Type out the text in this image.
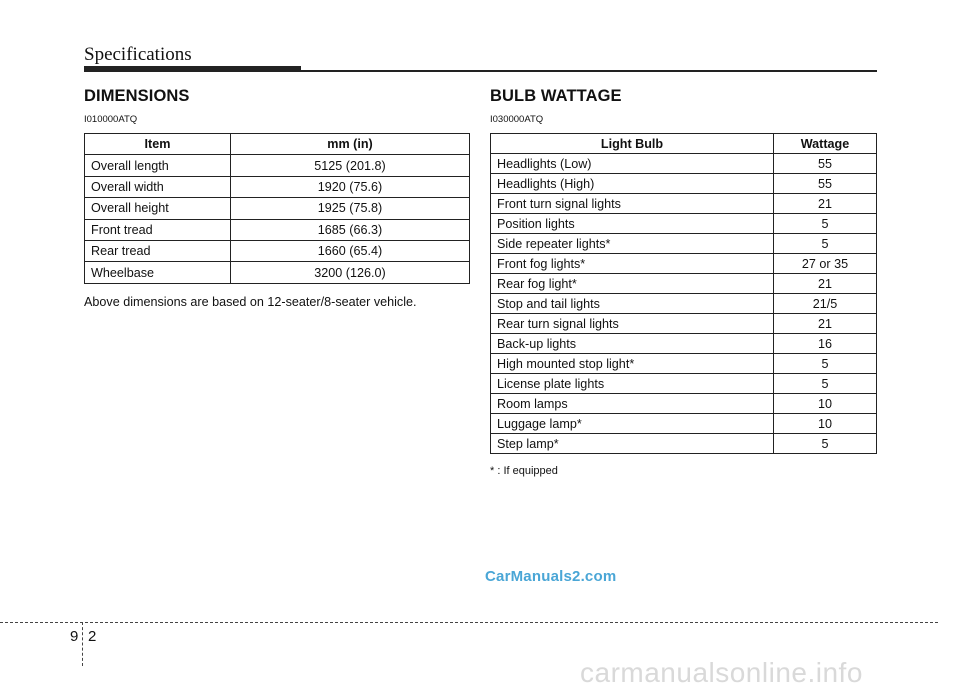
Specifications
DIMENSIONS
I010000ATQ
Item	mm (in)
Overall length	5125 (201.8)
Overall width	1920 (75.6)
Overall height	1925 (75.8)
Front tread	1685 (66.3)
Rear tread	1660 (65.4)
Wheelbase	3200 (126.0)
Above dimensions are based on 12-seater/8-seater vehicle.
BULB WATTAGE
I030000ATQ
Light Bulb	Wattage
Headlights (Low)	55
Headlights (High)	55
Front turn signal lights	21
Position lights	5
Side repeater lights*	5
Front fog lights*	27 or 35
Rear fog light*	21
Stop and tail lights	21/5
Rear turn signal lights	21
Back-up lights	16
High mounted stop light*	5
License plate lights	5
Room lamps	10
Luggage lamp*	10
Step lamp*	5
* : If equipped
CarManuals2.com
9 2
carmanualsonline.info
